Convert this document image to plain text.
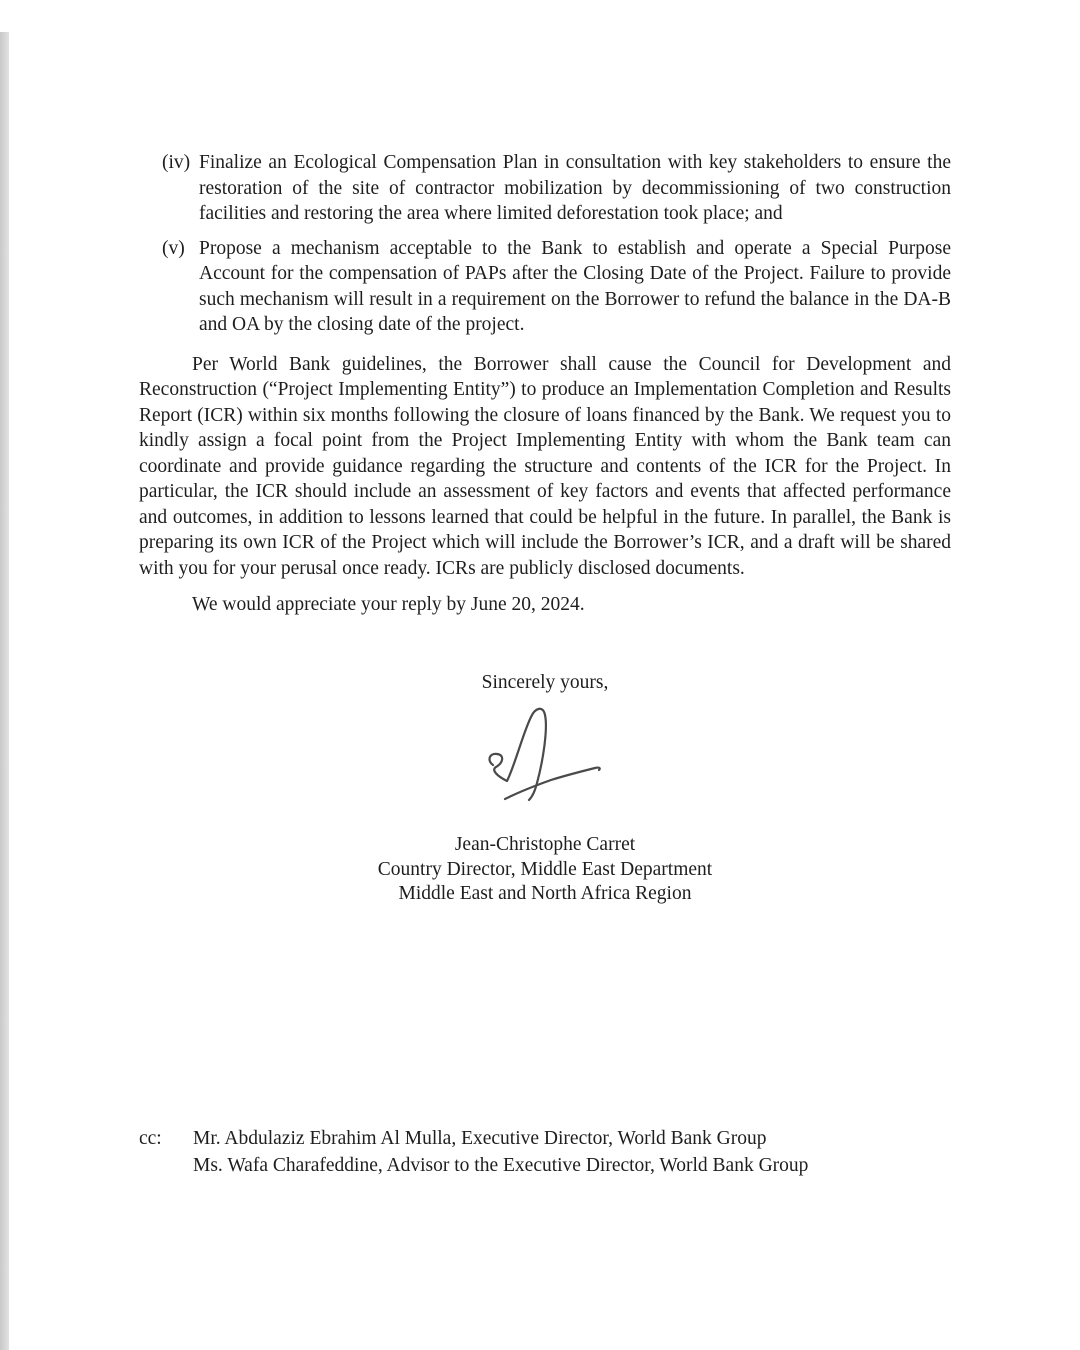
(iv) Finalize an Ecological Compensation Plan in consultation with key stakeholders to ensure the restoration of the site of contractor mobilization by decommissioning of two construction facilities and restoring the area where limited deforestation took place; and

(v) Propose a mechanism acceptable to the Bank to establish and operate a Special Purpose Account for the compensation of PAPs after the Closing Date of the Project. Failure to provide such mechanism will result in a requirement on the Borrower to refund the balance in the DA-B and OA by the closing date of the project.

Per World Bank guidelines, the Borrower shall cause the Council for Development and Reconstruction (“Project Implementing Entity”) to produce an Implementation Completion and Results Report (ICR) within six months following the closure of loans financed by the Bank. We request you to kindly assign a focal point from the Project Implementing Entity with whom the Bank team can coordinate and provide guidance regarding the structure and contents of the ICR for the Project. In particular, the ICR should include an assessment of key factors and events that affected performance and outcomes, in addition to lessons learned that could be helpful in the future. In parallel, the Bank is preparing its own ICR of the Project which will include the Borrower’s ICR, and a draft will be shared with you for your perusal once ready. ICRs are publicly disclosed documents.

We would appreciate your reply by June 20, 2024.

Sincerely yours,

Jean-Christophe Carret

Country Director, Middle East Department

Middle East and North Africa Region

cc: Mr. Abdulaziz Ebrahim Al Mulla, Executive Director, World Bank Group

Ms. Wafa Charafeddine, Advisor to the Executive Director, World Bank Group
